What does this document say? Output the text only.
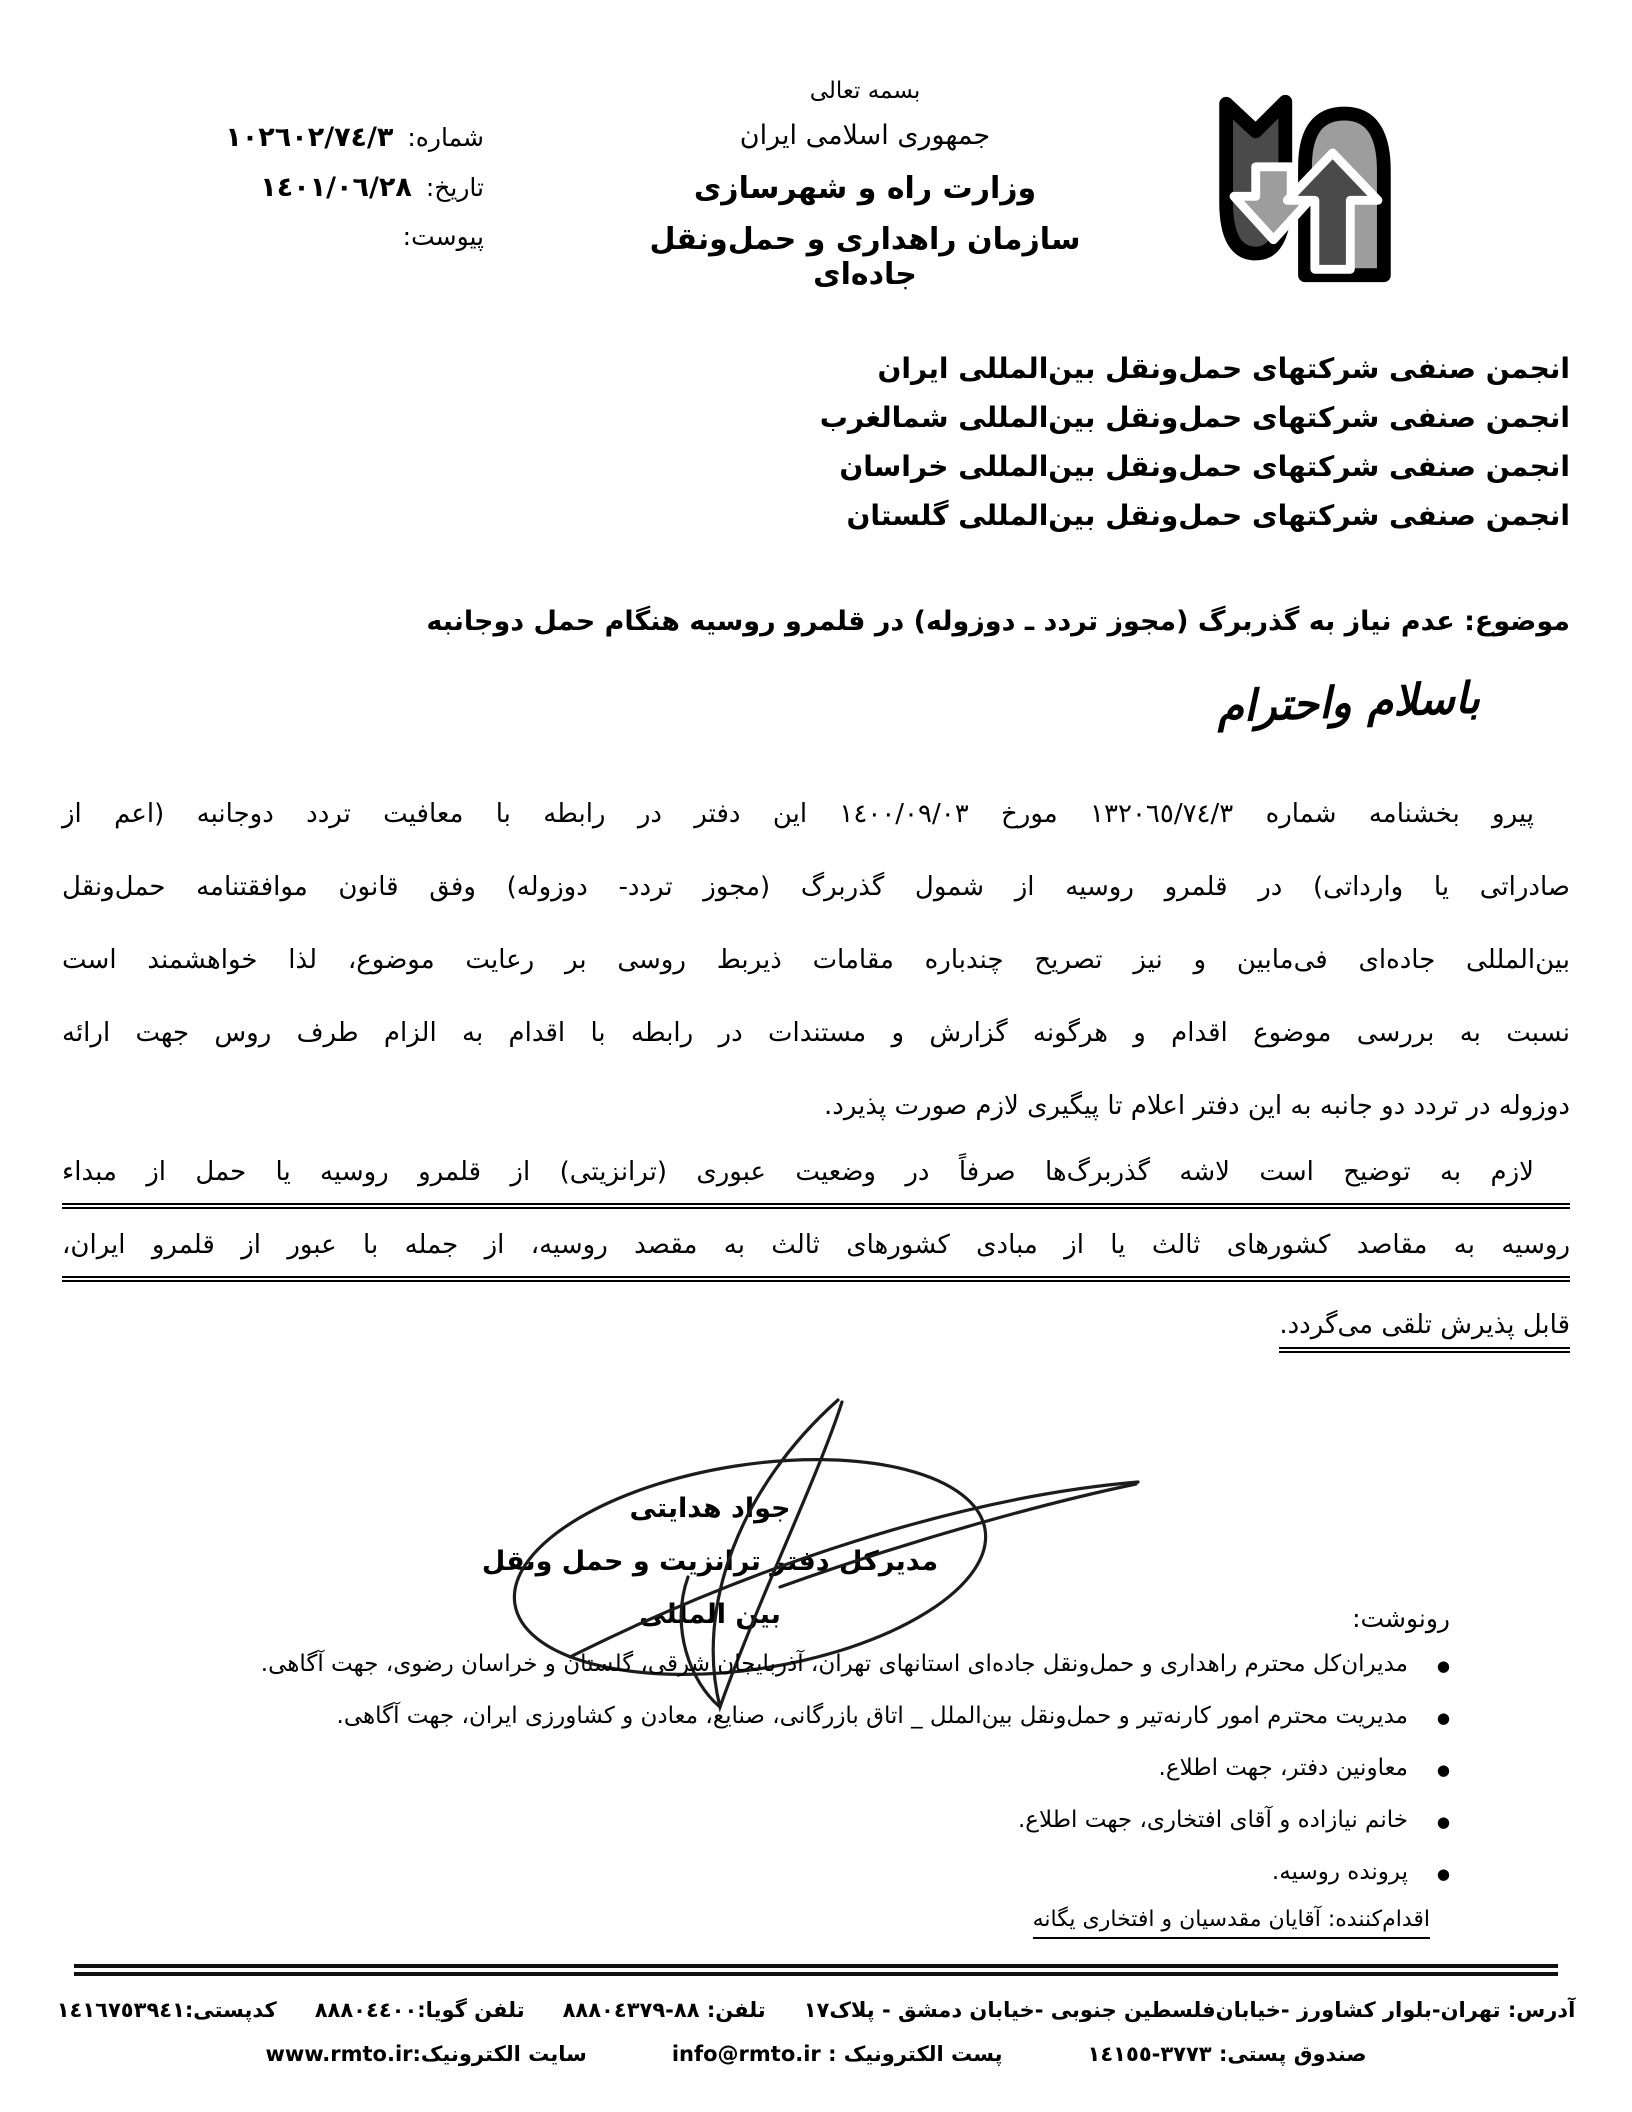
شماره:
١٠٢٦٠٢/٧٤/٣
تاریخ:
١٤٠١/٠٦/٢٨
پیوست:
بسمه تعالی
جمهوری اسلامی ایران
وزارت راه و شهرسازی
سازمان راهداری و حمل‌ونقل جاده‌ای
انجمن صنفی شرکتهای حمل‌ونقل بین‌المللی ایران
انجمن صنفی شرکتهای حمل‌ونقل بین‌المللی شمالغرب
انجمن صنفی شرکتهای حمل‌ونقل بین‌المللی خراسان
انجمن صنفی شرکتهای حمل‌ونقل بین‌المللی گلستان
موضوع: عدم نیاز به گذربرگ (مجوز تردد ـ دوزوله) در قلمرو روسیه هنگام حمل دوجانبه
باسلام واحترام
پیرو بخشنامه شماره ١٣٢٠٦٥/٧٤/٣ مورخ ١٤٠٠/٠٩/٠٣ این دفتر در رابطه با معافیت تردد دوجانبه (اعم از
صادراتی یا وارداتی) در قلمرو روسیه از شمول گذربرگ (مجوز تردد- دوزوله) وفق قانون موافقتنامه حمل‌ونقل
بین‌المللی جاده‌ای فی‌مابین و نیز تصریح چندباره مقامات ذیربط روسی بر رعایت موضوع، لذا خواهشمند است
نسبت به بررسی موضوع اقدام و هرگونه گزارش و مستندات در رابطه با اقدام به الزام طرف روس جهت ارائه
دوزوله در تردد دو جانبه به این دفتر اعلام تا پیگیری لازم صورت پذیرد.
لازم به توضیح است لاشه گذربرگ‌ها صرفاً در وضعیت عبوری (ترانزیتی) از قلمرو روسیه یا حمل از مبداء
روسیه به مقاصد کشورهای ثالث یا از مبادی کشورهای ثالث به مقصد روسیه، از جمله با عبور از قلمرو ایران،
قابل پذیرش تلقی می‌گردد.
جواد هدایتی
مدیرکل دفتر ترانزیت و حمل ونقل
بین المللی	رونوشت:
● مدیران‌کل محترم راهداری و حمل‌ونقل جاده‌ای استانهای تهران، آذربایجان شرقی، گلستان و خراسان رضوی، جهت آگاهی.
● مدیریت محترم امور کارنه‌تیر و حمل‌ونقل بین‌الملل _ اتاق بازرگانی، صنایع، معادن و کشاورزی ایران، جهت آگاهی.
● معاونین دفتر، جهت اطلاع.
● خانم نیازاده و آقای افتخاری، جهت اطلاع.
● پرونده روسیه.
اقدام‌کننده: آقایان مقدسیان و افتخاری یگانه
آدرس: تهران-بلوار کشاورز -خیابان‌فلسطین جنوبی -خیابان دمشق - پلاک١٧
تلفن: ٨٨-٨٨٨٠٤٣٧٩
تلفن گویا:٨٨٨٠٤٤٠٠
کدپستی:١٤١٦٧٥٣٩٤١
صندوق پستی: ٣٧٧٣-١٤١٥٥
پست الکترونیک : info@rmto.ir
سایت الکترونیک:www.rmto.ir
